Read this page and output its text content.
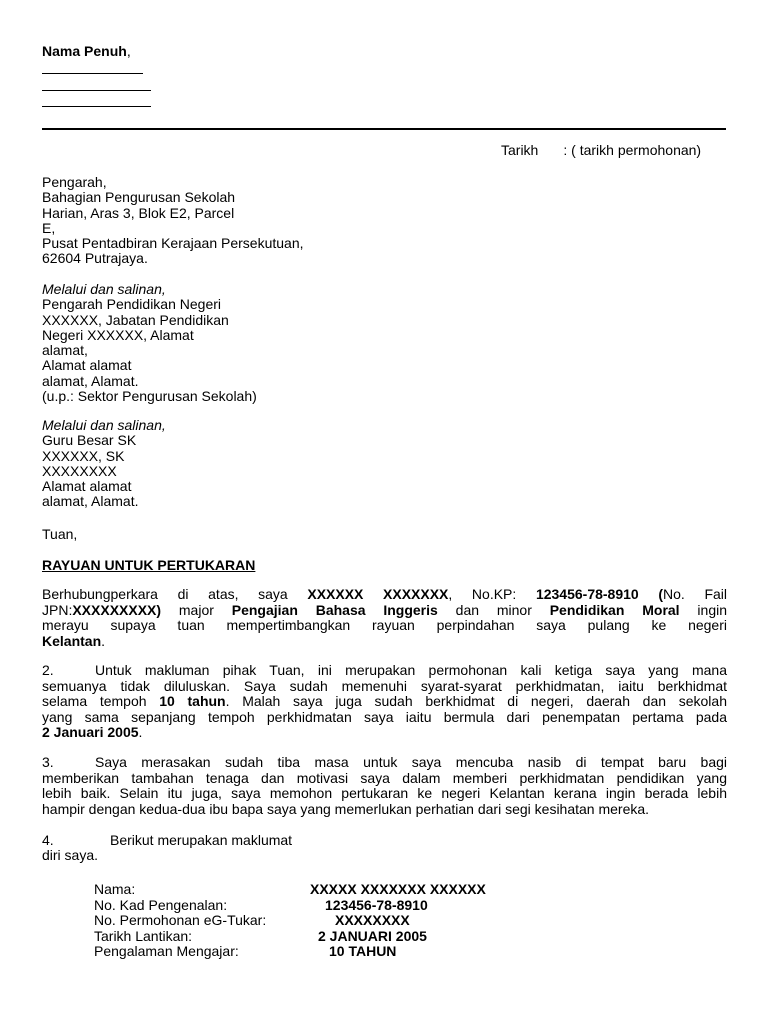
Nama Penuh,
Tarikh : ( tarikh permohonan)
Pengarah,
Bahagian Pengurusan Sekolah
Harian, Aras 3, Blok E2, Parcel
E,
Pusat Pentadbiran Kerajaan Persekutuan,
62604 Putrajaya.
Melalui dan salinan,
Pengarah Pendidikan Negeri
XXXXXX, Jabatan Pendidikan
Negeri XXXXXX, Alamat
alamat,
Alamat alamat
alamat, Alamat.
(u.p.: Sektor Pengurusan Sekolah)
Melalui dan salinan,
Guru Besar SK
XXXXXX, SK
XXXXXXXX
Alamat alamat
alamat, Alamat.
Tuan,
RAYUAN UNTUK PERTUKARAN
Berhubungperkara di atas, saya XXXXXX XXXXXXX, No.KP: 123456-78-8910 (No. Fail
JPN:XXXXXXXXX) major Pengajian Bahasa Inggeris dan minor Pendidikan Moral ingin
merayu supaya tuan mempertimbangkan rayuan perpindahan saya pulang ke negeri
Kelantan.
2.	Untuk makluman pihak Tuan, ini merupakan permohonan kali ketiga saya yang mana
semuanya tidak diluluskan. Saya sudah memenuhi syarat-syarat perkhidmatan, iaitu berkhidmat
selama tempoh 10 tahun. Malah saya juga sudah berkhidmat di negeri, daerah dan sekolah
yang sama sepanjang tempoh perkhidmatan saya iaitu bermula dari penempatan pertama pada
2 Januari 2005.
3.	Saya merasakan sudah tiba masa untuk saya mencuba nasib di tempat baru bagi
memberikan tambahan tenaga dan motivasi saya dalam memberi perkhidmatan pendidikan yang
lebih baik. Selain itu juga, saya memohon pertukaran ke negeri Kelantan kerana ingin berada lebih
hampir dengan kedua-dua ibu bapa saya yang memerlukan perhatian dari segi kesihatan mereka.
4.	Berikut merupakan maklumat
diri saya.
Nama:	XXXXX XXXXXXX XXXXXX
No. Kad Pengenalan:	123456-78-8910
No. Permohonan eG-Tukar:	XXXXXXXX
Tarikh Lantikan:	2 JANUARI 2005
Pengalaman Mengajar:	10 TAHUN
